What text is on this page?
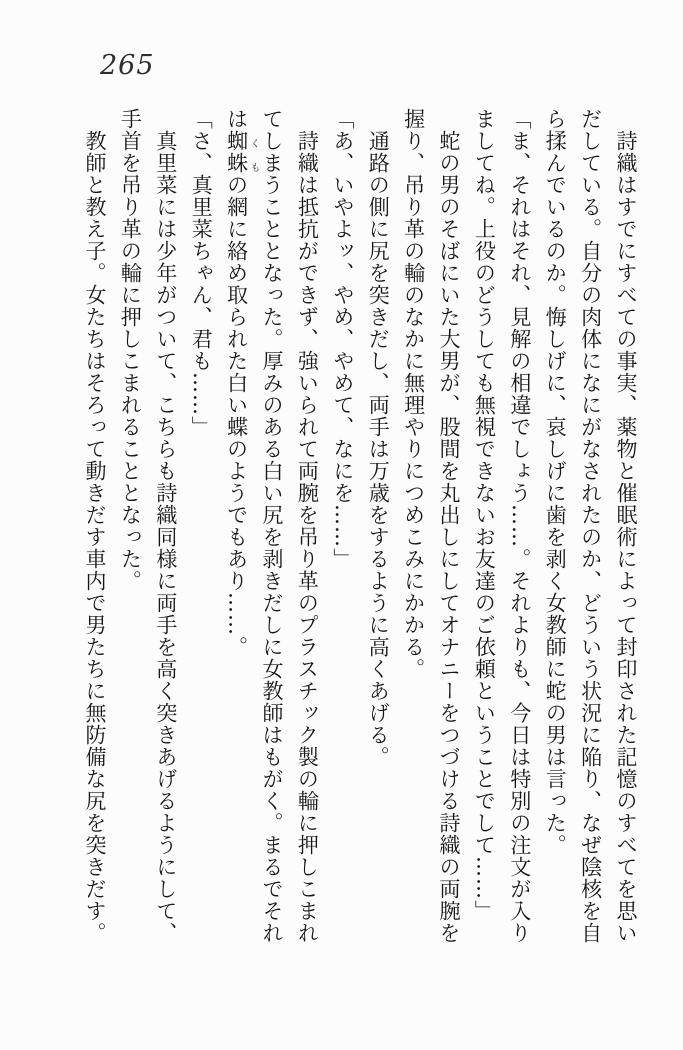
265
詩織はすでにすべての事実、薬物と催眠術によって封印された記憶のすべてを思い
だしている。自分の肉体になにがなされたのか、どういう状況に陥り、なぜ陰核を自
ら揉んでいるのか。悔しげに、哀しげに歯を剥く女教師に蛇の男は言った。
「ま、それはそれ、見解の相違でしょう……。それよりも、今日は特別の注文が入り
ましてね。上役のどうしても無視できないお友達のご依頼ということでして……」
蛇の男のそばにいた大男が、股間を丸出しにしてオナニーをつづける詩織の両腕を
握り、吊り革の輪のなかに無理やりにつめこみにかかる。
通路の側に尻を突きだし、両手は万歳をするように高くあげる。
「あ、いやよッ、やめ、やめて、なにを……」
詩織は抵抗ができず、強いられて両腕を吊り革のプラスチック製の輪に押しこまれ
てしまうこととなった。厚みのある白い尻を剥きだしに女教師はもがく。まるでそれ
は蜘蛛の網に絡め取られた白い蝶のようでもあり……。
「さ、真里菜ちゃん、君も……」
真里菜には少年がついて、こちらも詩織同様に両手を高く突きあげるようにして、
手首を吊り革の輪に押しこまれることとなった。
教師と教え子。女たちはそろって動きだす車内で男たちに無防備な尻を突きだす。	くも
